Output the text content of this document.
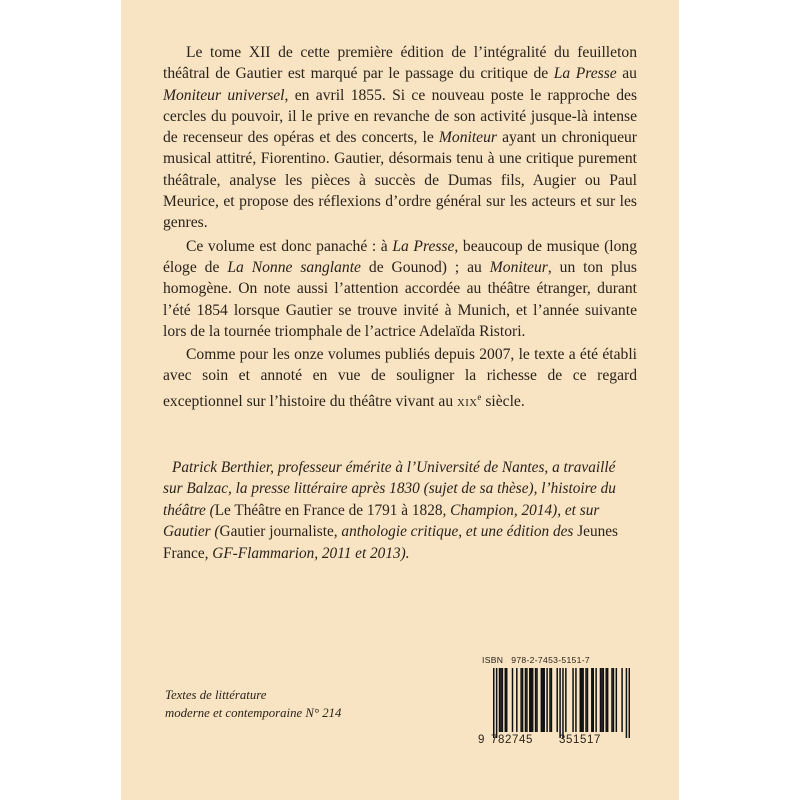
Le tome XII de cette première édition de l’intégralité du feuilleton théâtral de Gautier est marqué par le passage du critique de La Presse au Moniteur universel, en avril 1855. Si ce nouveau poste le rapproche des cercles du pouvoir, il le prive en revanche de son activité jusque-là intense de recenseur des opéras et des concerts, le Moniteur ayant un chroniqueur musical attitré, Fiorentino. Gautier, désormais tenu à une critique purement théâtrale, analyse les pièces à succès de Dumas fils, Augier ou Paul Meurice, et propose des réflexions d’ordre général sur les acteurs et sur les genres.

Ce volume est donc panaché : à La Presse, beaucoup de musique (long éloge de La Nonne sanglante de Gounod) ; au Moniteur, un ton plus homogène. On note aussi l’attention accordée au théâtre étranger, durant l’été 1854 lorsque Gautier se trouve invité à Munich, et l’année suivante lors de la tournée triomphale de l’actrice Adelaïda Ristori.

Comme pour les onze volumes publiés depuis 2007, le texte a été établi avec soin et annoté en vue de souligner la richesse de ce regard exceptionnel sur l’histoire du théâtre vivant au XIXe siècle.

Patrick Berthier, professeur émérite à l’Université de Nantes, a travaillé sur Balzac, la presse littéraire après 1830 (sujet de sa thèse), l’histoire du théâtre (Le Théâtre en France de 1791 à 1828, Champion, 2014), et sur Gautier (Gautier journaliste, anthologie critique, et une édition des Jeunes France, GF-Flammarion, 2011 et 2013).

Textes de littérature
moderne et contemporaine N° 214
ISBN 978-2-7453-5151-7
9 782745 351517
